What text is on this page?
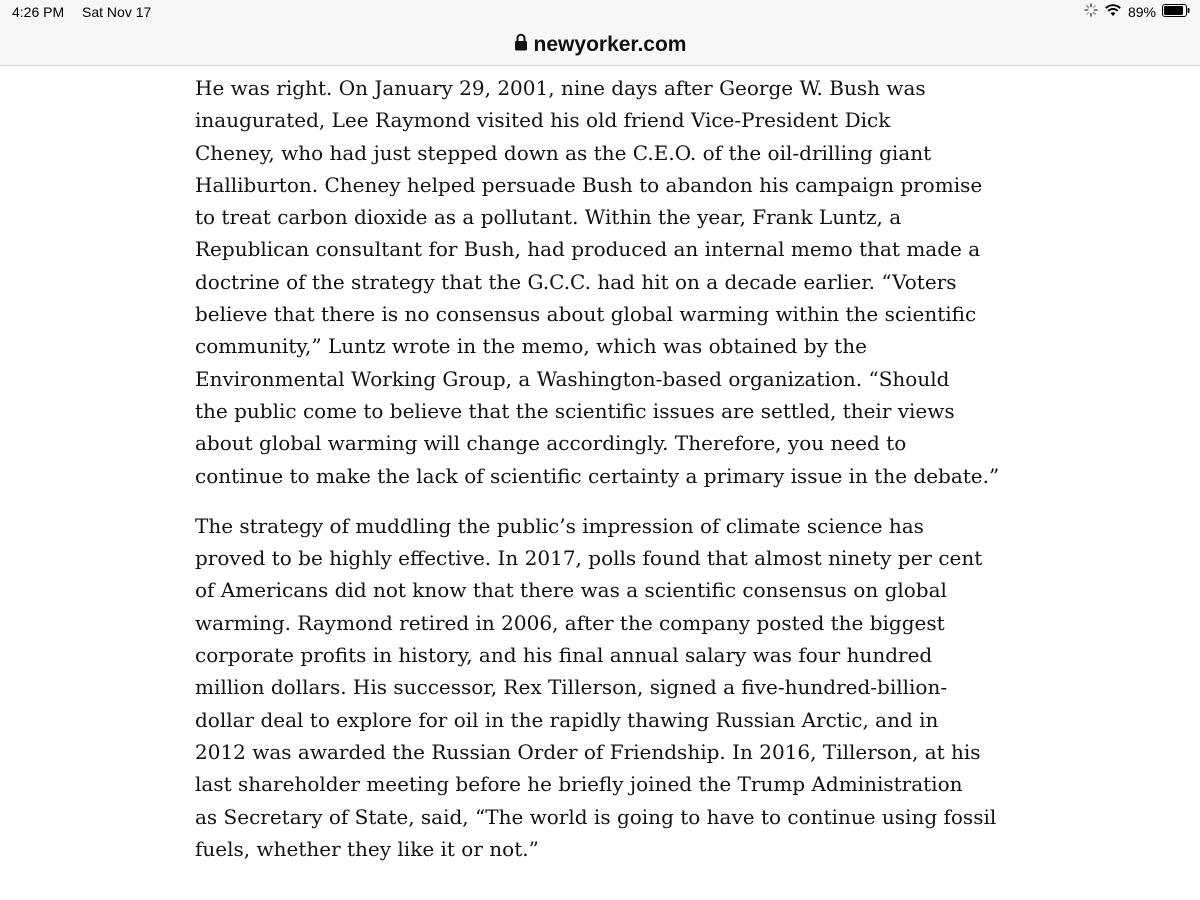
4:26 PM Sat Nov 17	89%
newyorker.com

He was right. On January 29, 2001, nine days after George W. Bush was
inaugurated, Lee Raymond visited his old friend Vice-President Dick
Cheney, who had just stepped down as the C.E.O. of the oil-drilling giant
Halliburton. Cheney helped persuade Bush to abandon his campaign promise
to treat carbon dioxide as a pollutant. Within the year, Frank Luntz, a
Republican consultant for Bush, had produced an internal memo that made a
doctrine of the strategy that the G.C.C. had hit on a decade earlier. “Voters
believe that there is no consensus about global warming within the scientific
community,” Luntz wrote in the memo, which was obtained by the
Environmental Working Group, a Washington-based organization. “Should
the public come to believe that the scientific issues are settled, their views
about global warming will change accordingly. Therefore, you need to
continue to make the lack of scientific certainty a primary issue in the debate.”

The strategy of muddling the public’s impression of climate science has
proved to be highly effective. In 2017, polls found that almost ninety per cent
of Americans did not know that there was a scientific consensus on global
warming. Raymond retired in 2006, after the company posted the biggest
corporate profits in history, and his final annual salary was four hundred
million dollars. His successor, Rex Tillerson, signed a five-hundred-billion-
dollar deal to explore for oil in the rapidly thawing Russian Arctic, and in
2012 was awarded the Russian Order of Friendship. In 2016, Tillerson, at his
last shareholder meeting before he briefly joined the Trump Administration
as Secretary of State, said, “The world is going to have to continue using fossil
fuels, whether they like it or not.”
